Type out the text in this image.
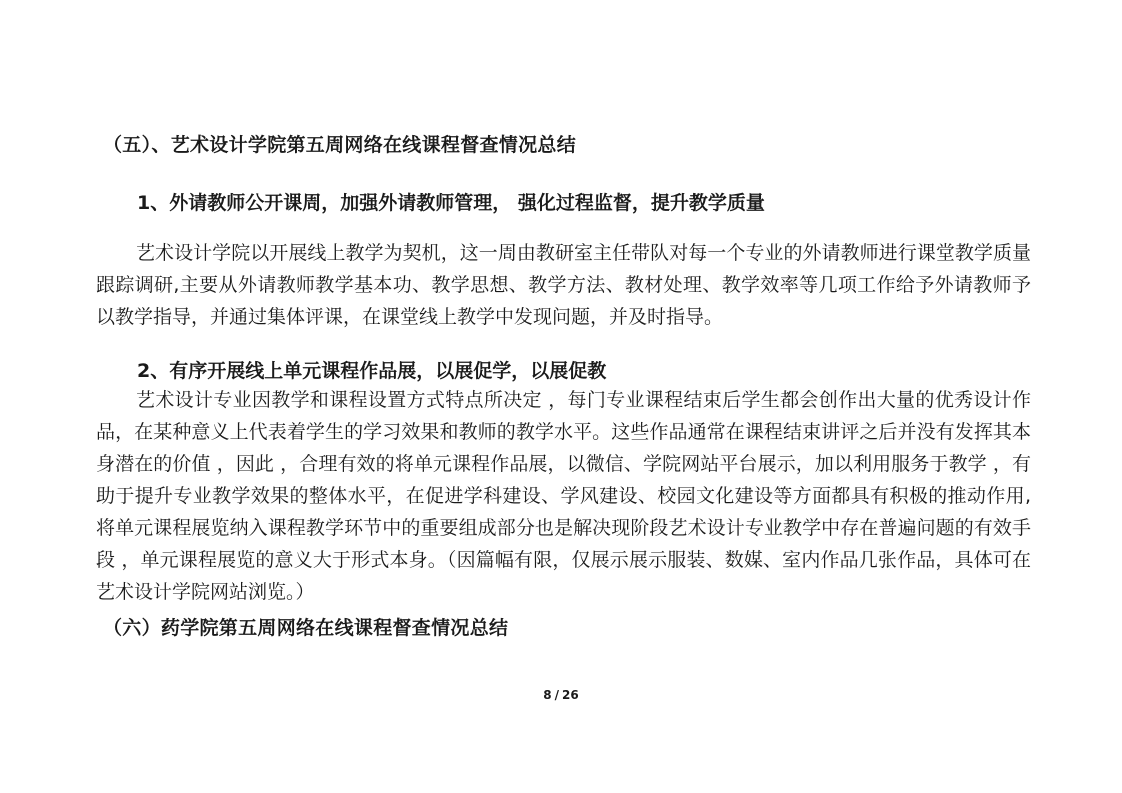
（五）、艺术设计学院第五周网络在线课程督查情况总结
1、外请教师公开课周，加强外请教师管理， 强化过程监督，提升教学质量
艺术设计学院以开展线上教学为契机，这一周由教研室主任带队对每一个专业的外请教师进行课堂教学质量跟踪调研,主要从外请教师教学基本功、教学思想、教学方法、教材处理、教学效率等几项工作给予外请教师予以教学指导，并通过集体评课，在课堂线上教学中发现问题，并及时指导。
2、有序开展线上单元课程作品展，以展促学，以展促教
艺术设计专业因教学和课程设置方式特点所决定 ，每门专业课程结束后学生都会创作出大量的优秀设计作品，在某种意义上代表着学生的学习效果和教师的教学水平。这些作品通常在课程结束讲评之后并没有发挥其本身潜在的价值 ，因此 ，合理有效的将单元课程作品展，以微信、学院网站平台展示，加以利用服务于教学 ，有助于提升专业教学效果的整体水平，在促进学科建设、学风建设、校园文化建设等方面都具有积极的推动作用,将单元课程展览纳入课程教学环节中的重要组成部分也是解决现阶段艺术设计专业教学中存在普遍问题的有效手段 ，单元课程展览的意义大于形式本身。（因篇幅有限，仅展示展示服装、数媒、室内作品几张作品，具体可在艺术设计学院网站浏览。）
（六）药学院第五周网络在线课程督查情况总结
8 / 26
